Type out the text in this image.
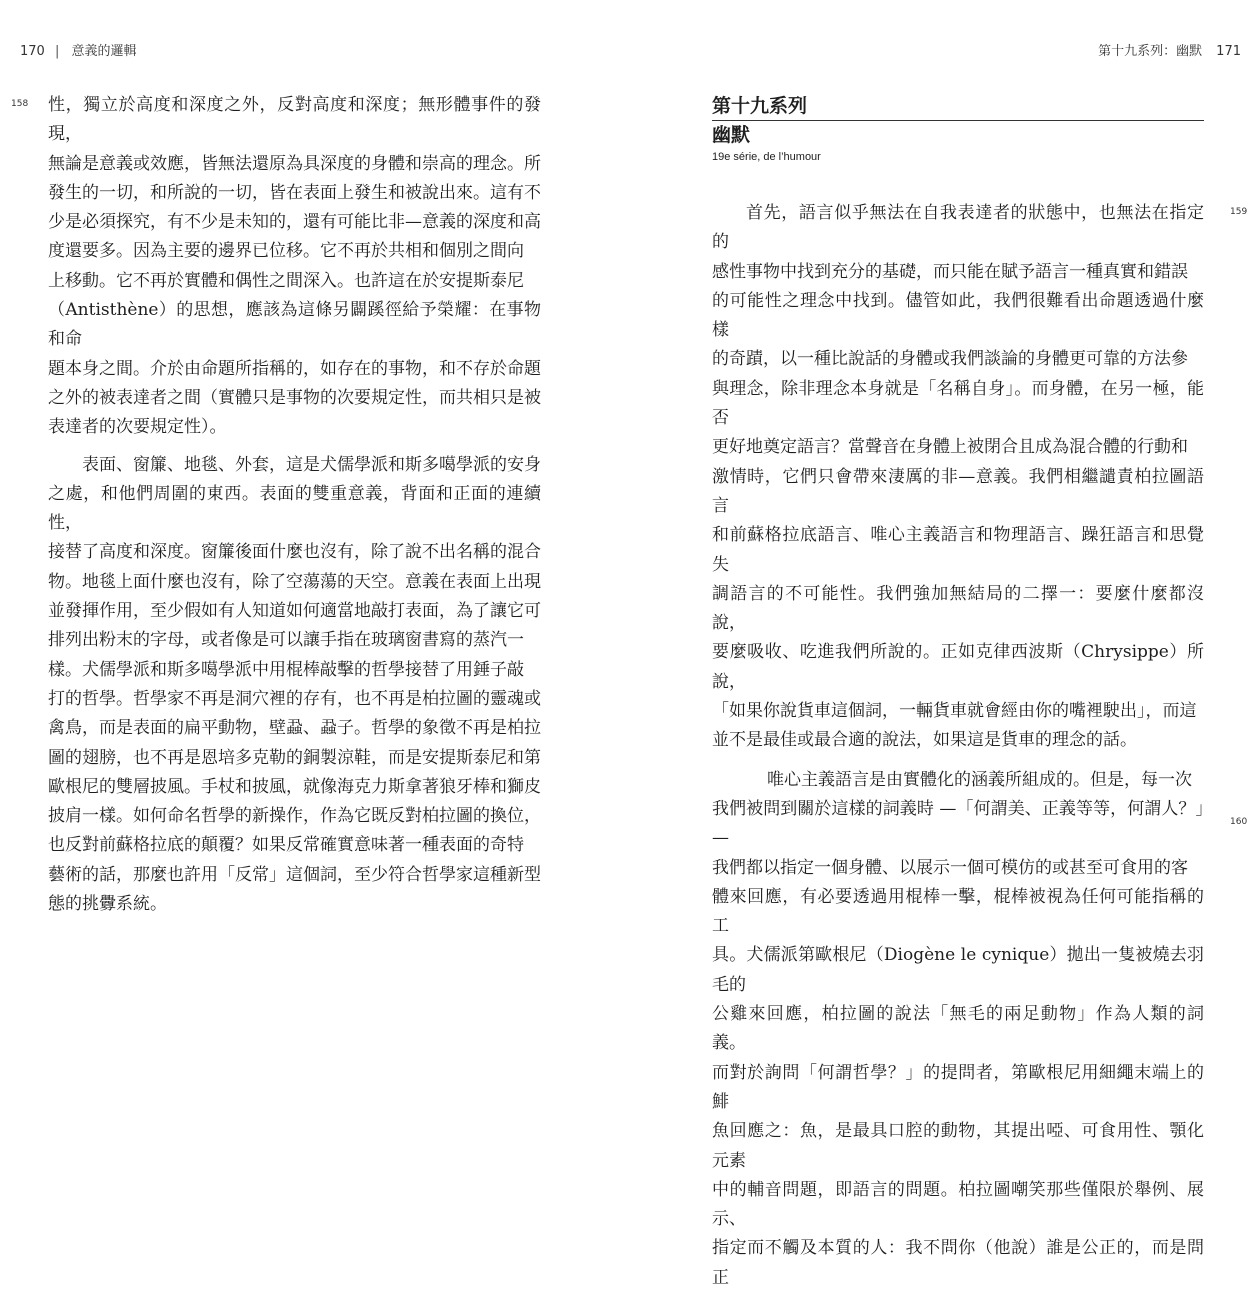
170 | 意義的邏輯
158 性，獨立於高度和深度之外，反對高度和深度；無形體事件的發現，
無論是意義或效應，皆無法還原為具深度的身體和崇高的理念。所
發生的一切，和所說的一切，皆在表面上發生和被說出來。這有不
少是必須探究，有不少是未知的，還有可能比非—意義的深度和高
度還要多。因為主要的邊界已位移。它不再於共相和個別之間向
上移動。它不再於實體和偶性之間深入。也許這在於安提斯泰尼
（Antisthène）的思想，應該為這條另闢蹊徑給予榮耀：在事物和命
題本身之間。介於由命題所指稱的，如存在的事物，和不存於命題
之外的被表達者之間（實體只是事物的次要規定性，而共相只是被
表達者的次要規定性）。

表面、窗簾、地毯、外套，這是犬儒學派和斯多噶學派的安身
之處，和他們周圍的東西。表面的雙重意義，背面和正面的連續性，
接替了高度和深度。窗簾後面什麼也沒有，除了說不出名稱的混合
物。地毯上面什麼也沒有，除了空蕩蕩的天空。意義在表面上出現
並發揮作用，至少假如有人知道如何適當地敲打表面，為了讓它可
排列出粉末的字母，或者像是可以讓手指在玻璃窗書寫的蒸汽一
樣。犬儒學派和斯多噶學派中用棍棒敲擊的哲學接替了用錘子敲
打的哲學。哲學家不再是洞穴裡的存有，也不再是柏拉圖的靈魂或
禽鳥，而是表面的扁平動物，壁蝨、蝨子。哲學的象徵不再是柏拉
圖的翅膀，也不再是恩培多克勒的銅製涼鞋，而是安提斯泰尼和第
歐根尼的雙層披風。手杖和披風，就像海克力斯拿著狼牙棒和獅皮
披肩一樣。如何命名哲學的新操作，作為它既反對柏拉圖的換位，
也反對前蘇格拉底的顛覆？如果反常確實意味著一種表面的奇特
藝術的話，那麼也許用「反常」這個詞，至少符合哲學家這種新型
態的挑釁系統。

第十九系列：幽默 171
第十九系列
幽默
19e série, de l’humour
159
160

首先，語言似乎無法在自我表達者的狀態中，也無法在指定的
感性事物中找到充分的基礎，而只能在賦予語言一種真實和錯誤
的可能性之理念中找到。儘管如此，我們很難看出命題透過什麼樣
的奇蹟，以一種比說話的身體或我們談論的身體更可靠的方法參
與理念，除非理念本身就是「名稱自身」。而身體，在另一極，能否
更好地奠定語言？當聲音在身體上被閉合且成為混合體的行動和
激情時，它們只會帶來淒厲的非—意義。我們相繼譴責柏拉圖語言
和前蘇格拉底語言、唯心主義語言和物理語言、躁狂語言和思覺失
調語言的不可能性。我們強加無結局的二擇一：要麼什麼都沒說，
要麼吸收、吃進我們所說的。正如克律西波斯（Chrysippe）所說，
「如果你說貨車這個詞，一輛貨車就會經由你的嘴裡駛出」，而這
並不是最佳或最合適的說法，如果這是貨車的理念的話。

唯心主義語言是由實體化的涵義所組成的。但是，每一次
我們被問到關於這樣的詞義時 —「何謂美、正義等等，何謂人？」—
我們都以指定一個身體、以展示一個可模仿的或甚至可食用的客
體來回應，有必要透過用棍棒一擊，棍棒被視為任何可能指稱的工
具。犬儒派第歐根尼（Diogène le cynique）拋出一隻被燒去羽毛的
公雞來回應，柏拉圖的說法「無毛的兩足動物」作為人類的詞義。
而對於詢問「何謂哲學？」的提問者，第歐根尼用細繩末端上的鯡
魚回應之：魚，是最具口腔的動物，其提出啞、可食用性、顎化元素
中的輔音問題，即語言的問題。柏拉圖嘲笑那些僅限於舉例、展示、
指定而不觸及本質的人：我不問你（他說）誰是公正的，而是問正
